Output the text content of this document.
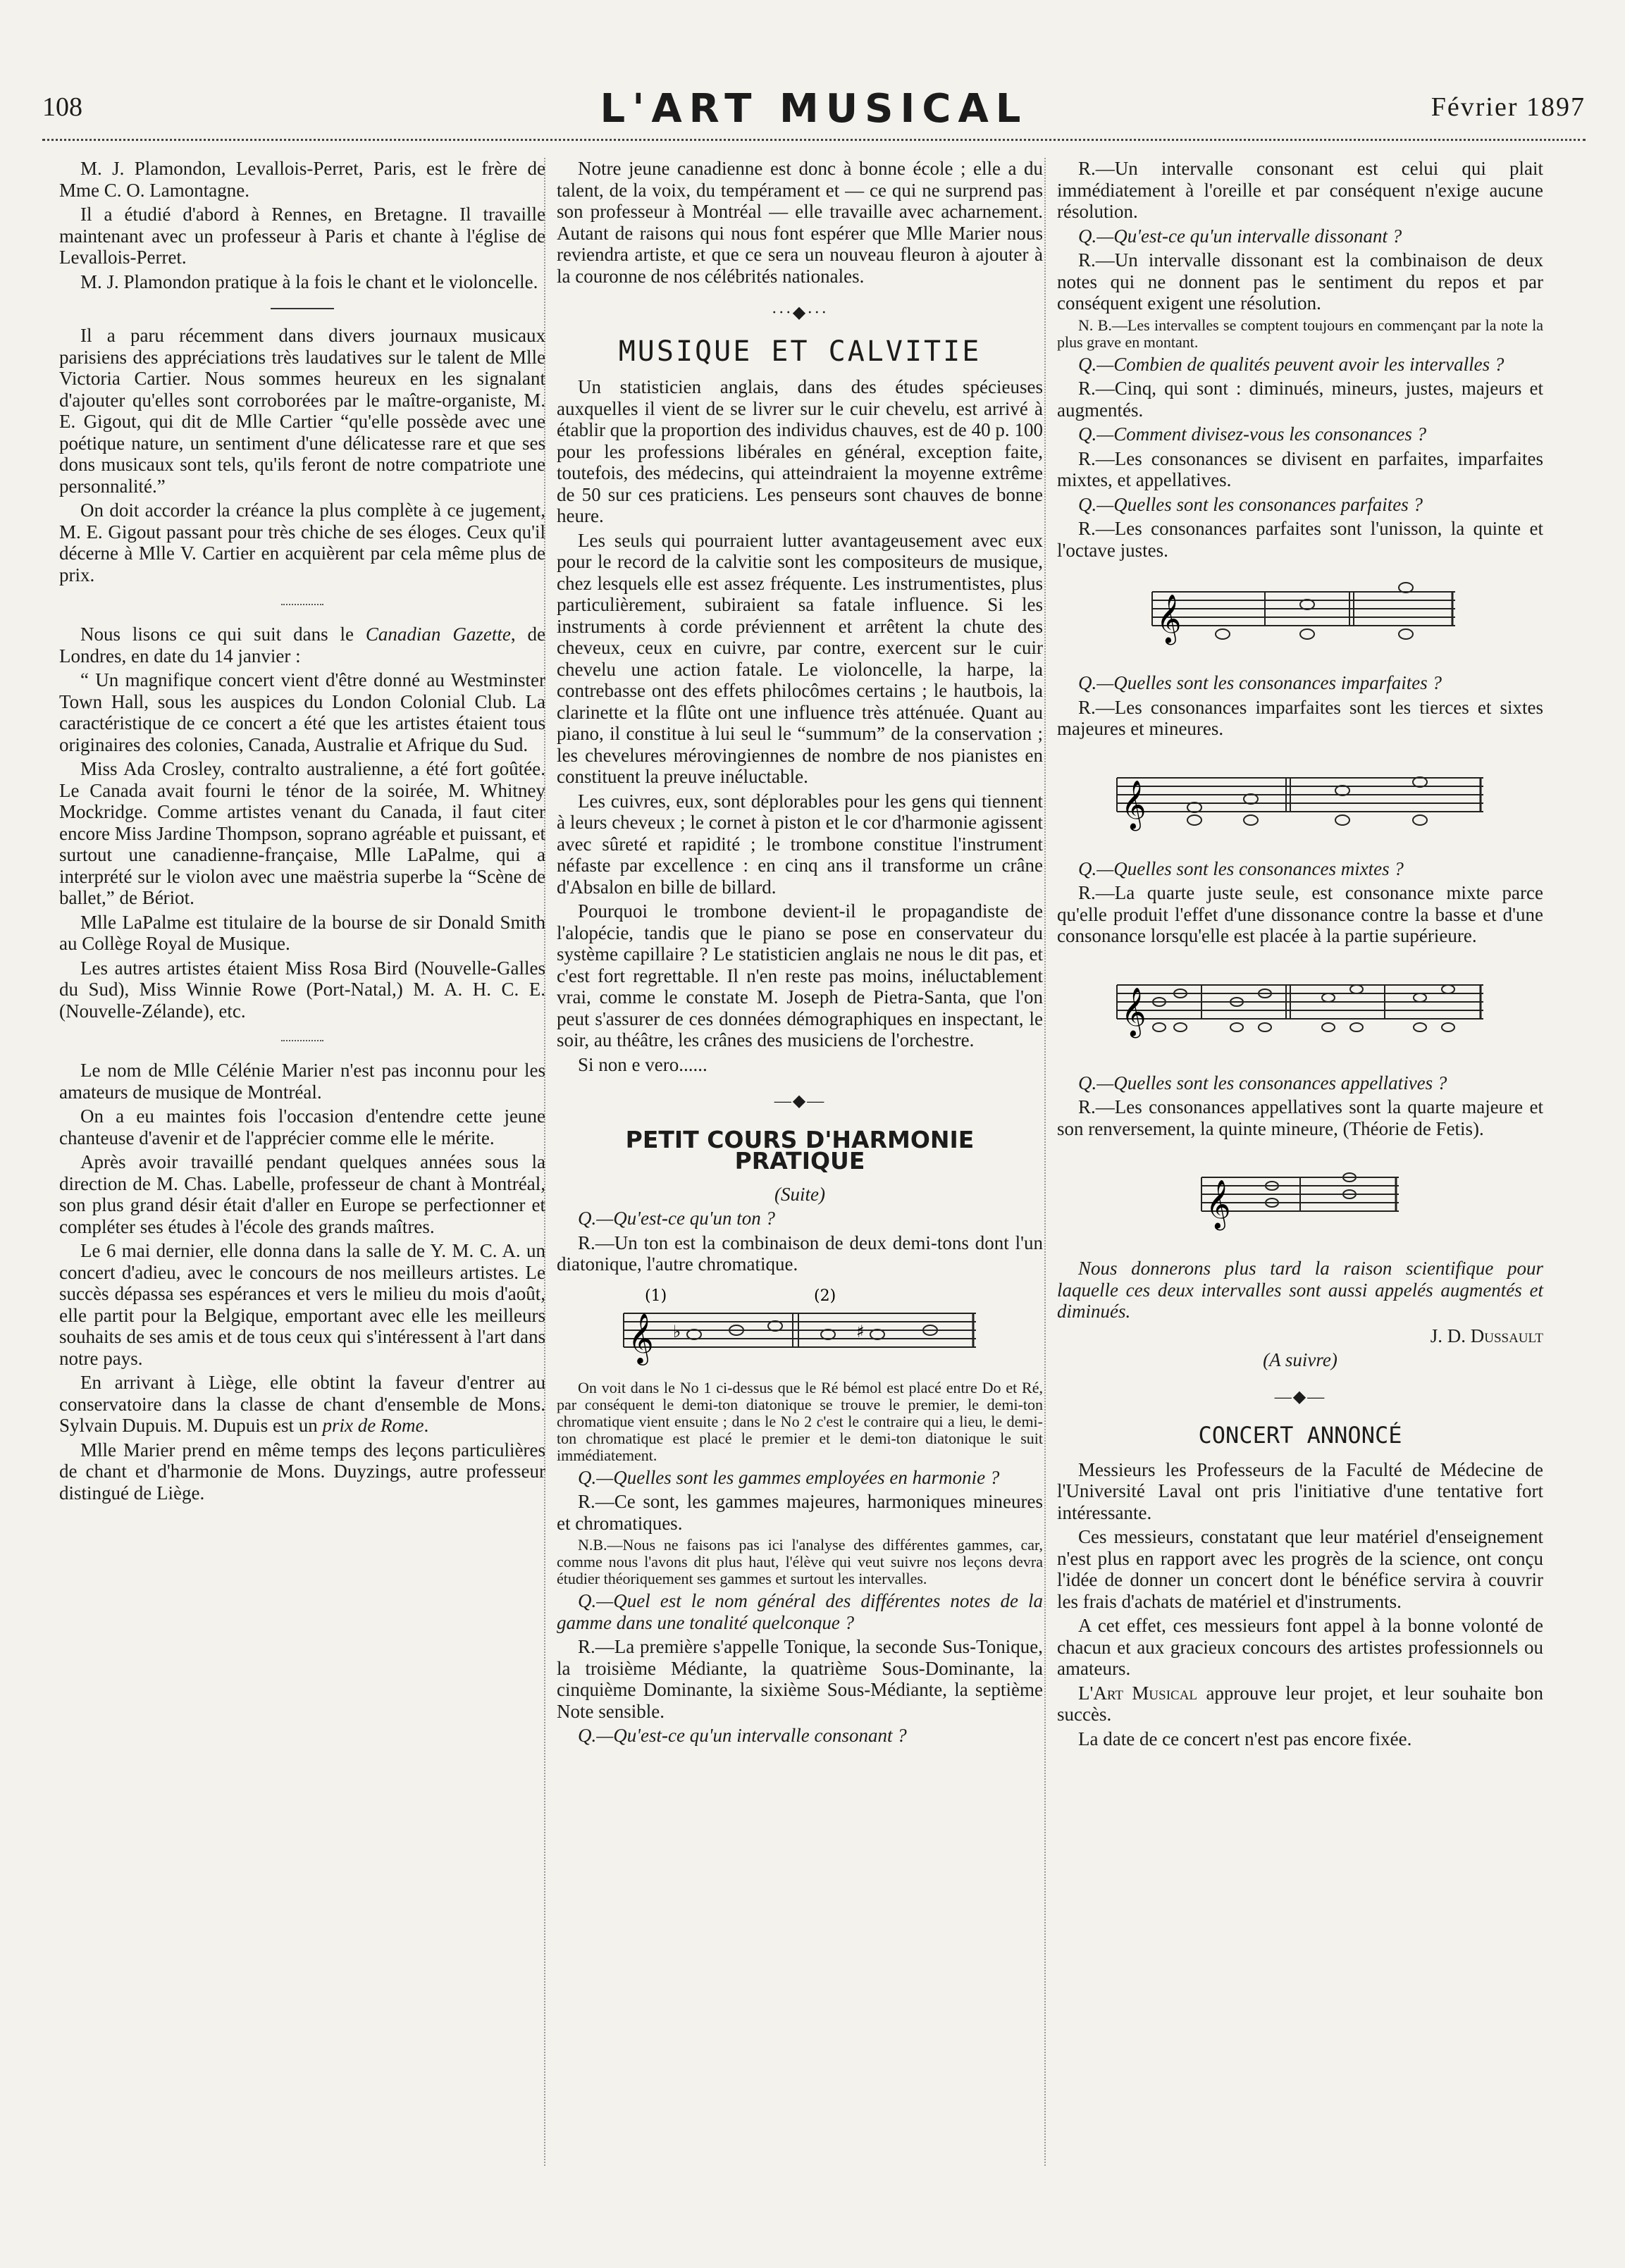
108	L'ART MUSICAL	Février 1897

M. J. Plamondon, Levallois-Perret, Paris, est le frère de Mme C. O. Lamontagne.

Il a étudié d'abord à Rennes, en Bretagne. Il travaille maintenant avec un professeur à Paris et chante à l'église de Levallois-Perret.

M. J. Plamondon pratique à la fois le chant et le violoncelle.

Il a paru récemment dans divers journaux musicaux parisiens des appréciations très laudatives sur le talent de Mlle Victoria Cartier. Nous sommes heureux en les signalant d'ajouter qu'elles sont corroborées par le maître-organiste, M. E. Gigout, qui dit de Mlle Cartier “qu'elle possède avec une poétique nature, un sentiment d'une délicatesse rare et que ses dons musicaux sont tels, qu'ils feront de notre compatriote une personnalité.”

On doit accorder la créance la plus complète à ce jugement, M. E. Gigout passant pour très chiche de ses éloges. Ceux qu'il décerne à Mlle V. Cartier en acquièrent par cela même plus de prix.

Nous lisons ce qui suit dans le Canadian Gazette, de Londres, en date du 14 janvier :

“ Un magnifique concert vient d'être donné au Westminster Town Hall, sous les auspices du London Colonial Club. La caractéristique de ce concert a été que les artistes étaient tous originaires des colonies, Canada, Australie et Afrique du Sud.

Miss Ada Crosley, contralto australienne, a été fort goûtée. Le Canada avait fourni le ténor de la soirée, M. Whitney Mockridge. Comme artistes venant du Canada, il faut citer encore Miss Jardine Thompson, soprano agréable et puissant, et surtout une canadienne-française, Mlle LaPalme, qui a interprété sur le violon avec une maëstria superbe la “Scène de ballet,” de Bériot.

Mlle LaPalme est titulaire de la bourse de sir Donald Smith au Collège Royal de Musique.

Les autres artistes étaient Miss Rosa Bird (Nouvelle-Galles du Sud), Miss Winnie Rowe (Port-Natal,) M. A. H. C. E. (Nouvelle-Zélande), etc.

Le nom de Mlle Célénie Marier n'est pas inconnu pour les amateurs de musique de Montréal.

On a eu maintes fois l'occasion d'entendre cette jeune chanteuse d'avenir et de l'apprécier comme elle le mérite.

Après avoir travaillé pendant quelques années sous la direction de M. Chas. Labelle, professeur de chant à Montréal, son plus grand désir était d'aller en Europe se perfectionner et compléter ses études à l'école des grands maîtres.

Le 6 mai dernier, elle donna dans la salle de Y. M. C. A. un concert d'adieu, avec le concours de nos meilleurs artistes. Le succès dépassa ses espérances et vers le milieu du mois d'août, elle partit pour la Belgique, emportant avec elle les meilleurs souhaits de ses amis et de tous ceux qui s'intéressent à l'art dans notre pays.

En arrivant à Liège, elle obtint la faveur d'entrer au conservatoire dans la classe de chant d'ensemble de Mons. Sylvain Dupuis. M. Dupuis est un prix de Rome.

Mlle Marier prend en même temps des leçons particulières de chant et d'harmonie de Mons. Duyzings, autre professeur distingué de Liège.

Notre jeune canadienne est donc à bonne école ; elle a du talent, de la voix, du tempérament et — ce qui ne surprend pas son professeur à Montréal — elle travaille avec acharnement. Autant de raisons qui nous font espérer que Mlle Marier nous reviendra artiste, et que ce sera un nouveau fleuron à ajouter à la couronne de nos célébrités nationales.

···◆···
MUSIQUE ET CALVITIE

Un statisticien anglais, dans des études spécieuses auxquelles il vient de se livrer sur le cuir chevelu, est arrivé à établir que la proportion des individus chauves, est de 40 p. 100 pour les professions libérales en général, exception faite, toutefois, des médecins, qui atteindraient la moyenne extrême de 50 sur ces praticiens. Les penseurs sont chauves de bonne heure.

Les seuls qui pourraient lutter avantageusement avec eux pour le record de la calvitie sont les compositeurs de musique, chez lesquels elle est assez fréquente. Les instrumentistes, plus particulièrement, subiraient sa fatale influence. Si les instruments à corde préviennent et arrêtent la chute des cheveux, ceux en cuivre, par contre, exercent sur le cuir chevelu une action fatale. Le violoncelle, la harpe, la contrebasse ont des effets philocômes certains ; le hautbois, la clarinette et la flûte ont une influence très atténuée. Quant au piano, il constitue à lui seul le “summum” de la conservation ; les chevelures mérovingiennes de nombre de nos pianistes en constituent la preuve inéluctable.

Les cuivres, eux, sont déplorables pour les gens qui tiennent à leurs cheveux ; le cornet à piston et le cor d'harmonie agissent avec sûreté et rapidité ; le trombone constitue l'instrument néfaste par excellence : en cinq ans il transforme un crâne d'Absalon en bille de billard.

Pourquoi le trombone devient-il le propagandiste de l'alopécie, tandis que le piano se pose en conservateur du système capillaire ? Le statisticien anglais ne nous le dit pas, et c'est fort regrettable. Il n'en reste pas moins, inéluctablement vrai, comme le constate M. Joseph de Pietra-Santa, que l'on peut s'assurer de ces données démographiques en inspectant, le soir, au théâtre, les crânes des musiciens de l'orchestre.

Si non e vero......

—◆—
PETIT COURS D'HARMONIE PRATIQUE

(Suite)

Q.—Qu'est-ce qu'un ton ?

R.—Un ton est la combinaison de deux demi-tons dont l'un diatonique, l'autre chromatique.

(1)	(2)
𝄞 ♭	♯

On voit dans le No 1 ci-dessus que le Ré bémol est placé entre Do et Ré, par conséquent le demi-ton diatonique se trouve le premier, le demi-ton chromatique vient ensuite ; dans le No 2 c'est le contraire qui a lieu, le demi-ton chromatique est placé le premier et le demi-ton diatonique le suit immédiatement.

Q.—Quelles sont les gammes employées en harmonie ?

R.—Ce sont, les gammes majeures, harmoniques mineures et chromatiques.

N.B.—Nous ne faisons pas ici l'analyse des différentes gammes, car, comme nous l'avons dit plus haut, l'élève qui veut suivre nos leçons devra étudier théoriquement ses gammes et surtout les intervalles.

Q.—Quel est le nom général des différentes notes de la gamme dans une tonalité quelconque ?

R.—La première s'appelle Tonique, la seconde Sus-Tonique, la troisième Médiante, la quatrième Sous-Dominante, la cinquième Dominante, la sixième Sous-Médiante, la septième Note sensible.

Q.—Qu'est-ce qu'un intervalle consonant ?

R.—Un intervalle consonant est celui qui plait immédiatement à l'oreille et par conséquent n'exige aucune résolution.

Q.—Qu'est-ce qu'un intervalle dissonant ?

R.—Un intervalle dissonant est la combinaison de deux notes qui ne donnent pas le sentiment du repos et par conséquent exigent une résolution.

N. B.—Les intervalles se comptent toujours en commençant par la note la plus grave en montant.

Q.—Combien de qualités peuvent avoir les intervalles ?

R.—Cinq, qui sont : diminués, mineurs, justes, majeurs et augmentés.

Q.—Comment divisez-vous les consonances ?

R.—Les consonances se divisent en parfaites, imparfaites mixtes, et appellatives.

Q.—Quelles sont les consonances parfaites ?

R.—Les consonances parfaites sont l'unisson, la quinte et l'octave justes.

𝄞

Q.—Quelles sont les consonances imparfaites ?

R.—Les consonances imparfaites sont les tierces et sixtes majeures et mineures.

𝄞

Q.—Quelles sont les consonances mixtes ?

R.—La quarte juste seule, est consonance mixte parce qu'elle produit l'effet d'une dissonance contre la basse et d'une consonance lorsqu'elle est placée à la partie supérieure.

𝄞

Q.—Quelles sont les consonances appellatives ?

R.—Les consonances appellatives sont la quarte majeure et son renversement, la quinte mineure, (Théorie de Fetis).

𝄞

Nous donnerons plus tard la raison scientifique pour laquelle ces deux intervalles sont aussi appelés augmentés et diminués.

J. D. Dussault

(A suivre)

—◆—
CONCERT ANNONCÉ

Messieurs les Professeurs de la Faculté de Médecine de l'Université Laval ont pris l'initiative d'une tentative fort intéressante.

Ces messieurs, constatant que leur matériel d'enseignement n'est plus en rapport avec les progrès de la science, ont conçu l'idée de donner un concert dont le bénéfice servira à couvrir les frais d'achats de matériel et d'instruments.

A cet effet, ces messieurs font appel à la bonne volonté de chacun et aux gracieux concours des artistes professionnels ou amateurs.

L'Art Musical approuve leur projet, et leur souhaite bon succès.

La date de ce concert n'est pas encore fixée.
